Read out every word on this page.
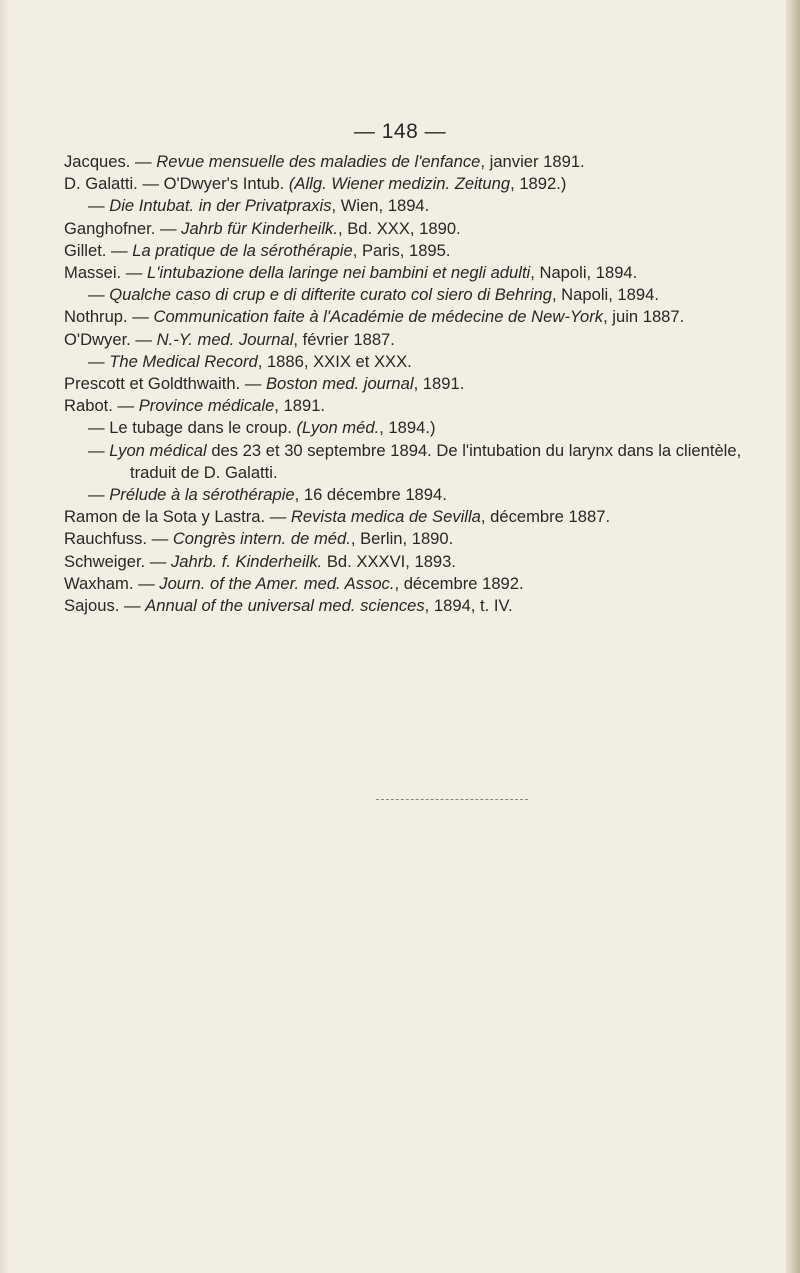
— 148 —

Jacques. — Revue mensuelle des maladies de l'enfance, janvier 1891.

D. Galatti. — O'Dwyer's Intub. (Allg. Wiener medizin. Zeitung, 1892.)

— Die Intubat. in der Privatpraxis, Wien, 1894.

Ganghofner. — Jahrb für Kinderheilk., Bd. XXX, 1890.

Gillet. — La pratique de la sérothérapie, Paris, 1895.

Massei. — L'intubazione della laringe nei bambini et negli adulti, Napoli, 1894.

— Qualche caso di crup e di difterite curato col siero di Behring, Napoli, 1894.

Nothrup. — Communication faite à l'Académie de médecine de New-York, juin 1887.

O'Dwyer. — N.-Y. med. Journal, février 1887.

— The Medical Record, 1886, XXIX et XXX.

Prescott et Goldthwaith. — Boston med. journal, 1891.

Rabot. — Province médicale, 1891.

— Le tubage dans le croup. (Lyon méd., 1894.)

— Lyon médical des 23 et 30 septembre 1894. De l'intubation du larynx dans la clientèle, traduit de D. Galatti.

— Prélude à la sérothérapie, 16 décembre 1894.

Ramon de la Sota y Lastra. — Revista medica de Sevilla, décembre 1887.

Rauchfuss. — Congrès intern. de méd., Berlin, 1890.

Schweiger. — Jahrb. f. Kinderheilk. Bd. XXXVI, 1893.

Waxham. — Journ. of the Amer. med. Assoc., décembre 1892.

Sajous. — Annual of the universal med. sciences, 1894, t. IV.
